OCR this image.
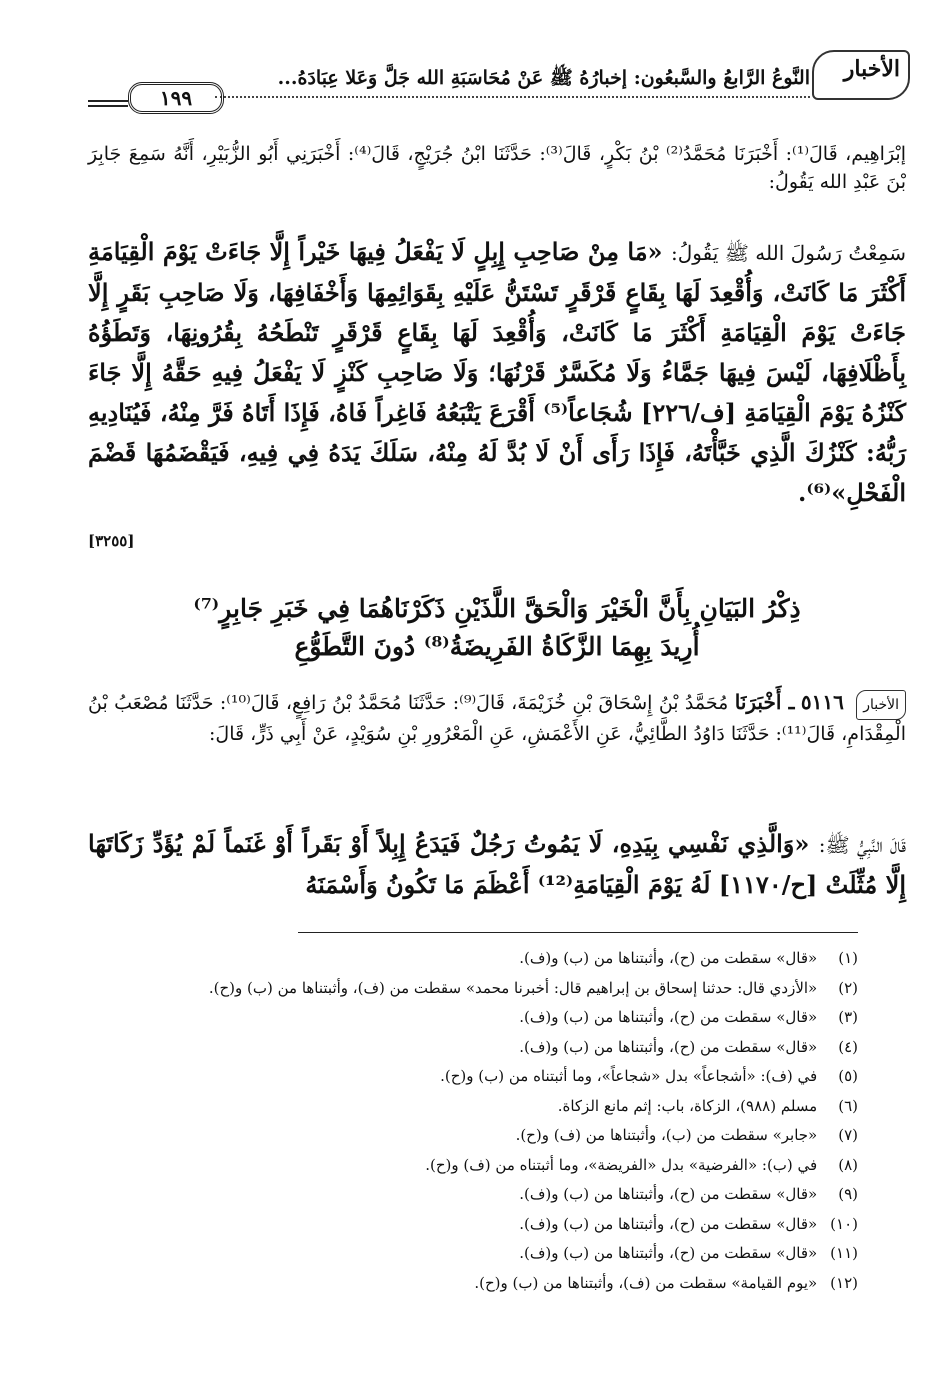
الأخبار
النَّوعُ الرَّابعُ والسَّبعُون: إخبارُهُ ﷺ عَنْ مُحَاسَبَةِ الله جَلَّ وَعَلا عِبَادَهُ...
١٩٩

إبْرَاهِيم، قَالَ⁽¹⁾: أَخْبَرَنَا مُحَمَّدُ⁽²⁾ بْنُ بَكْرٍ، قَالَ⁽³⁾: حَدَّثَنَا ابْنُ جُرَيْجٍ، قَالَ⁽⁴⁾: أَخْبَرَنِي أَبُو الزُّبَيْرِ، أَنَّهُ سَمِعَ جَابِرَ بْنَ عَبْدِ الله يَقُولُ:

سَمِعْتُ رَسُولَ الله ﷺ يَقُولُ: «مَا مِنْ صَاحِبِ إِبِلٍ لَا يَفْعَلُ فِيهَا خَيْراً إِلَّا جَاءَتْ يَوْمَ الْقِيَامَةِ أَكْثَرَ مَا كَانَتْ، وَأُقْعِدَ لَهَا بِقَاعٍ قَرْقَرٍ تَسْتَنُّ عَلَيْهِ بِقَوَائِمِهَا وَأَخْفَافِهَا، وَلَا صَاحِبِ بَقَرٍ إِلَّا جَاءَتْ يَوْمَ الْقِيَامَةِ أَكْثَرَ مَا كَانَتْ، وَأُقْعِدَ لَهَا بِقَاعٍ قَرْقَرٍ تَنْطَحُهُ بِقُرُونِهَا، وَتَطَؤُهُ بِأَظْلَافِهَا، لَيْسَ فِيهَا جَمَّاءُ وَلَا مُكَسَّرٌ قَرْنُهَا؛ وَلَا صَاحِبِ كَنْزٍ لَا يَفْعَلُ فِيهِ حَقَّهُ إِلَّا جَاءَ كَنْزُهُ يَوْمَ الْقِيَامَةِ [ف/٢٢٦] شُجَاعاً⁽⁵⁾ أَقْرَعَ يَتْبَعُهُ فَاغِراً فَاهُ، فَإِذَا أَتَاهُ فَرَّ مِنْهُ، فَيُنَادِيهِ رَبُّهُ: كَنْزُكَ الَّذِي خَبَّأْتَهُ، فَإِذَا رَأَى أَنْ لَا بُدَّ لَهُ مِنْهُ، سَلَكَ يَدَهُ فِي فِيهِ، فَيَقْضَمُهَا قَضْمَ الْفَحْلِ»⁽⁶⁾.

[٣٢٥٥]
ذِكْرُ البَيَانِ بِأَنَّ الْخَيْرَ وَالْحَقَّ اللَّذَيْنِ ذَكَرْنَاهُمَا فِي خَبَرِ جَابِرٍ⁽⁷⁾
أُرِيدَ بِهِمَا الزَّكَاةُ الفَرِيضَةُ⁽⁸⁾ دُونَ التَّطَوُّعِ

الأخبار ٥١١٦ ـ أَخْبَرَنَا مُحَمَّدُ بْنُ إِسْحَاقَ بْنِ خُزَيْمَةَ، قَالَ⁽⁹⁾: حَدَّثَنَا مُحَمَّدُ بْنُ رَافِعٍ، قَالَ⁽¹⁰⁾: حَدَّثَنَا مُصْعَبُ بْنُ الْمِقْدَامِ، قَالَ⁽¹¹⁾: حَدَّثَنَا دَاوُدُ الطَّائِيُّ، عَنِ الأَعْمَشِ، عَنِ الْمَعْرُورِ بْنِ سُوَيْدٍ، عَنْ أَبِي ذَرٍّ، قَالَ:

قَالَ النَّبِيُّ ﷺ: «وَالَّذِي نَفْسِي بِيَدِهِ، لَا يَمُوتُ رَجُلٌ فَيَدَعُ إِبِلاً أَوْ بَقَراً أَوْ غَنَماً لَمْ يُؤَدِّ زَكَاتَهَا إِلَّا مُثِّلَتْ [ح/١١٧٠] لَهُ يَوْمَ الْقِيَامَةِ⁽¹²⁾ أَعْظَمَ مَا تَكُونُ وَأَسْمَنَهُ

(١) «قال» سقطت من (ح)، وأثبتناها من (ب) و(ف).
(٢) «الأزدي قال: حدثنا إسحاق بن إبراهيم قال: أخبرنا محمد» سقطت من (ف)، وأثبتناها من (ب) و(ح).
(٣) «قال» سقطت من (ح)، وأثبتناها من (ب) و(ف).
(٤) «قال» سقطت من (ح)، وأثبتناها من (ب) و(ف).
(٥) في (ف): «أشجاعاً» بدل «شجاعاً»، وما أثبتناه من (ب) و(ح).
(٦) مسلم (٩٨٨)، الزكاة، باب: إثم مانع الزكاة.
(٧) «جابر» سقطت من (ب)، وأثبتناها من (ف) و(ح).
(٨) في (ب): «الفرضية» بدل «الفريضة»، وما أثبتناه من (ف) و(ح).
(٩) «قال» سقطت من (ح)، وأثبتناها من (ب) و(ف).
(١٠) «قال» سقطت من (ح)، وأثبتناها من (ب) و(ف).
(١١) «قال» سقطت من (ح)، وأثبتناها من (ب) و(ف).
(١٢) «يوم القيامة» سقطت من (ف)، وأثبتناها من (ب) و(ح).
